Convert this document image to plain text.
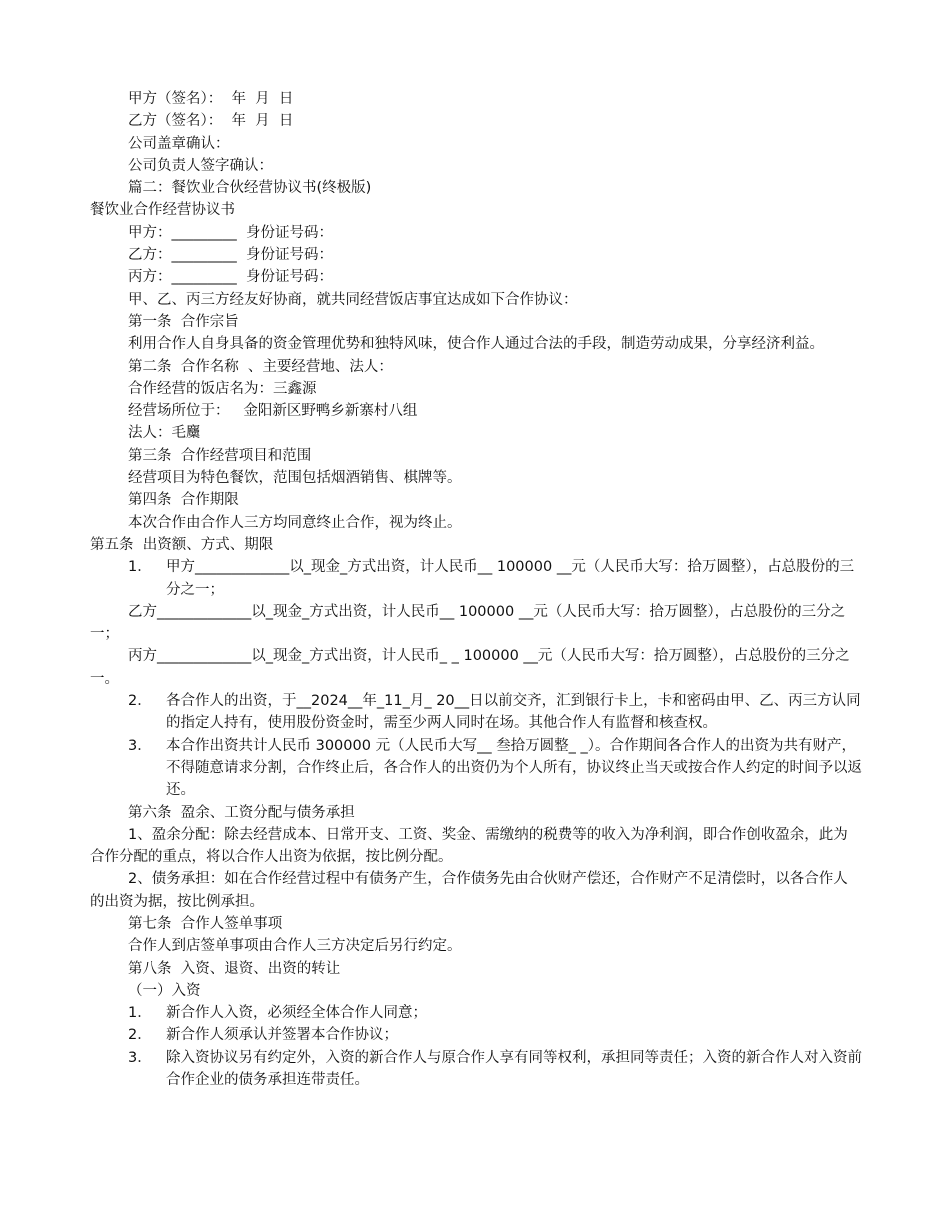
甲方（签名）：  年  月  日
乙方（签名）：  年  月  日
公司盖章确认：
公司负责人签字确认：
篇二：餐饮业合伙经营协议书(终极版)
餐饮业合作经营协议书
甲方：_________  身份证号码：
乙方：_________  身份证号码：
丙方：_________  身份证号码：
甲、乙、丙三方经友好协商，就共同经营饭店事宜达成如下合作协议：
第一条  合作宗旨
利用合作人自身具备的资金管理优势和独特风味，使合作人通过合法的手段，制造劳动成果，分享经济利益。
第二条  合作名称  、主要经营地、法人：
合作经营的饭店名为：三鑫源
经营场所位于：   金阳新区野鸭乡新寨村八组
法人：毛麜
第三条  合作经营项目和范围
经营项目为特色餐饮，范围包括烟酒销售、棋牌等。
第四条  合作期限
本次合作由合作人三方均同意终止合作，视为终止。
第五条  出资额、方式、期限
1． 甲方_____________以_现金_方式出资，计人民币__ 100000 __元（人民币大写：拾万圆整），占总股份的三分之一；
乙方_____________以_现金_方式出资，计人民币__ 100000 __元（人民币大写：拾万圆整），占总股份的三分之一；
丙方_____________以_现金_方式出资，计人民币_ _ 100000 __元（人民币大写：拾万圆整），占总股份的三分之一。
2． 各合作人的出资，于__2024__年_11_月_ 20__日以前交齐，汇到银行卡上，卡和密码由甲、乙、丙三方认同的指定人持有，使用股份资金时，需至少两人同时在场。其他合作人有监督和核查权。
3． 本合作出资共计人民币 300000 元（人民币大写__ 叁拾万圆整_ _）。合作期间各合作人的出资为共有财产，不得随意请求分割，合作终止后，各合作人的出资仍为个人所有，协议终止当天或按合作人约定的时间予以返还。
第六条  盈余、工资分配与债务承担
1、盈余分配：除去经营成本、日常开支、工资、奖金、需缴纳的税费等的收入为净利润，即合作创收盈余，此为合作分配的重点，将以合作人出资为依据，按比例分配。
2、债务承担：如在合作经营过程中有债务产生，合作债务先由合伙财产偿还，合作财产不足清偿时，以各合作人的出资为据，按比例承担。
第七条  合作人签单事项
合作人到店签单事项由合作人三方决定后另行约定。
第八条  入资、退资、出资的转让
（一）入资
1． 新合作人入资，必须经全体合作人同意；
2． 新合作人须承认并签署本合作协议；
3． 除入资协议另有约定外，入资的新合作人与原合作人享有同等权利，承担同等责任；入资的新合作人对入资前合作企业的债务承担连带责任。
